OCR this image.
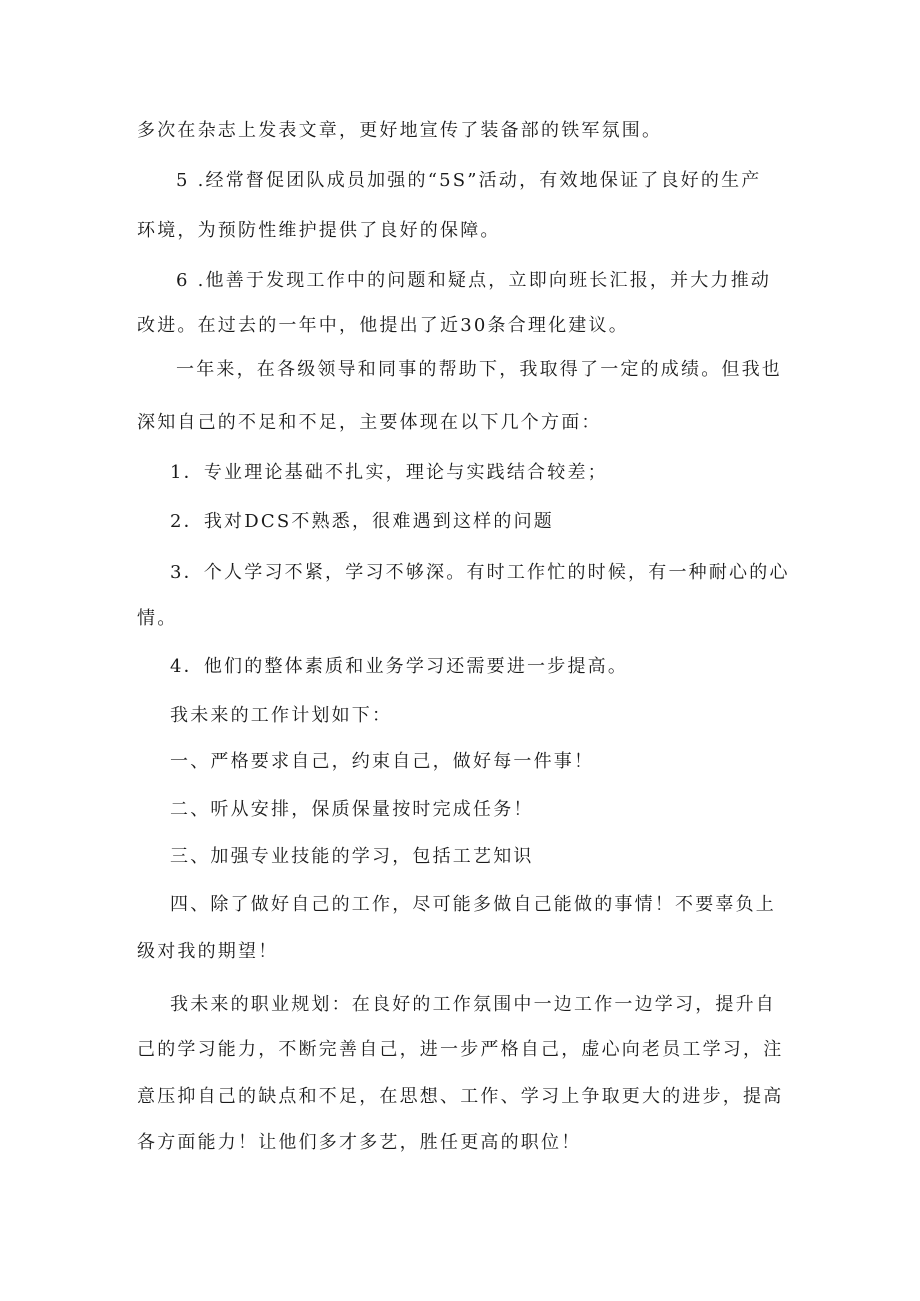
多次在杂志上发表文章，更好地宣传了装备部的铁军氛围。
5 .经常督促团队成员加强的“5S”活动，有效地保证了良好的生产
环境，为预防性维护提供了良好的保障。
6 .他善于发现工作中的问题和疑点，立即向班长汇报，并大力推动
改进。在过去的一年中，他提出了近30条合理化建议。
一年来，在各级领导和同事的帮助下，我取得了一定的成绩。但我也
深知自己的不足和不足，主要体现在以下几个方面：
1．专业理论基础不扎实，理论与实践结合较差；
2．我对DCS不熟悉，很难遇到这样的问题
3．个人学习不紧，学习不够深。有时工作忙的时候，有一种耐心的心
情。
4．他们的整体素质和业务学习还需要进一步提高。
我未来的工作计划如下：
一、严格要求自己，约束自己，做好每一件事！
二、听从安排，保质保量按时完成任务！
三、加强专业技能的学习，包括工艺知识
四、除了做好自己的工作，尽可能多做自己能做的事情！不要辜负上
级对我的期望！
我未来的职业规划：在良好的工作氛围中一边工作一边学习，提升自
己的学习能力，不断完善自己，进一步严格自己，虚心向老员工学习，注
意压抑自己的缺点和不足，在思想、工作、学习上争取更大的进步，提高
各方面能力！让他们多才多艺，胜任更高的职位！
